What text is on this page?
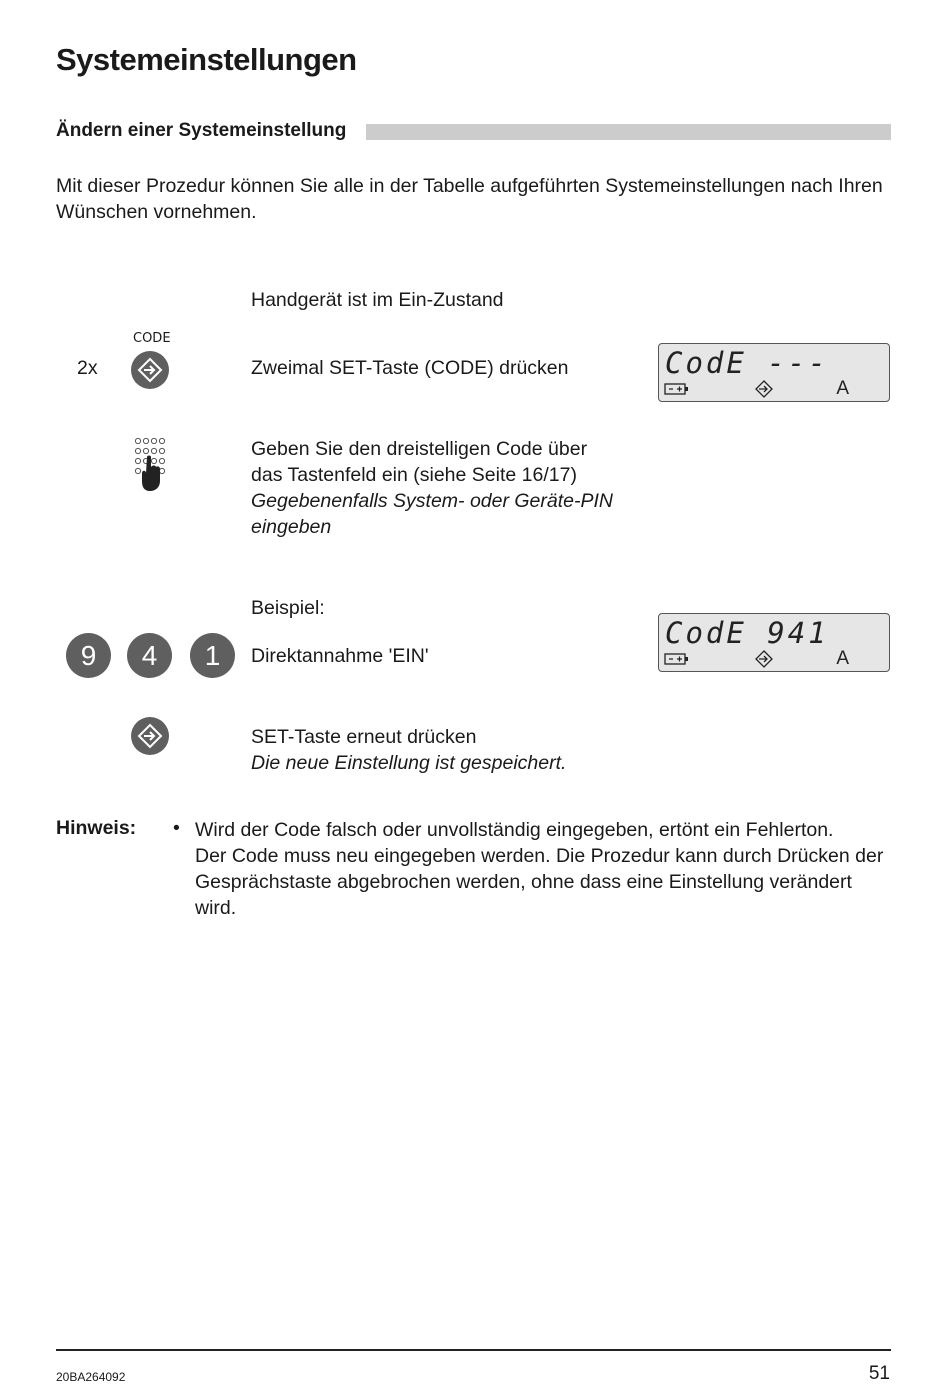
Systemeinstellungen
Ändern einer Systemeinstellung
Mit dieser Prozedur können Sie alle in der Tabelle aufgeführten Systemeinstellungen nach Ihren Wünschen vornehmen.
Handgerät ist im Ein-Zustand
CODE
2x	Zweimal SET-Taste (CODE) drücken	CodE ---
A
Geben Sie den dreistelligen Code über
das Tastenfeld ein (siehe Seite 16/17)
Gegebenenfalls System- oder Geräte-PIN
eingeben
Beispiel:
9	4	1	Direktannahme 'EIN'
CodE 941
A
SET-Taste erneut drücken
Die neue Einstellung ist gespeichert.
Hinweis: • Wird der Code falsch oder unvollständig eingegeben, ertönt ein Fehlerton.
Der Code muss neu eingegeben werden. Die Prozedur kann durch Drücken der
Gesprächstaste abgebrochen werden, ohne dass eine Einstellung verändert
wird.
20BA264092	51
